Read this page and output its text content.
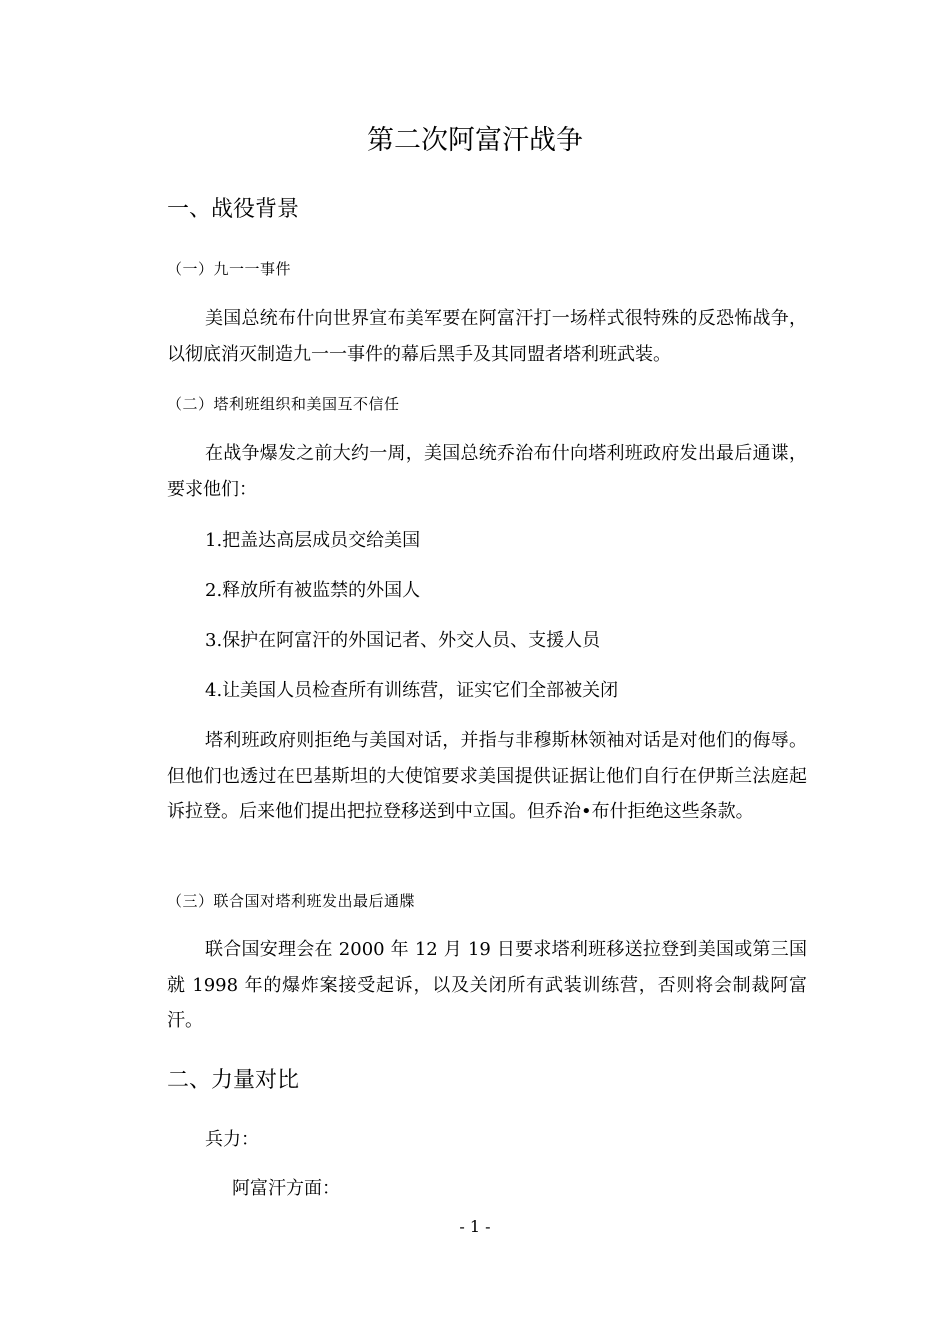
第二次阿富汗战争
一、战役背景
（一）九一一事件

美国总统布什向世界宣布美军要在阿富汗打一场样式很特殊的反恐怖战争，以彻底消灭制造九一一事件的幕后黑手及其同盟者塔利班武装。

（二）塔利班组织和美国互不信任

在战争爆发之前大约一周，美国总统乔治布什向塔利班政府发出最后通谍，要求他们：

1.把盖达高层成员交给美国
2.释放所有被监禁的外国人
3.保护在阿富汗的外国记者、外交人员、支援人员
4.让美国人员检查所有训练营，证实它们全部被关闭

塔利班政府则拒绝与美国对话，并指与非穆斯林领袖对话是对他们的侮辱。但他们也透过在巴基斯坦的大使馆要求美国提供证据让他们自行在伊斯兰法庭起诉拉登。后来他们提出把拉登移送到中立国。但乔治•布什拒绝这些条款。

（三）联合国对塔利班发出最后通牒

联合国安理会在 2000 年 12 月 19 日要求塔利班移送拉登到美国或第三国就 1998 年的爆炸案接受起诉，以及关闭所有武装训练营，否则将会制裁阿富汗。

二、力量对比
兵力：
阿富汗方面：
- 1 -
